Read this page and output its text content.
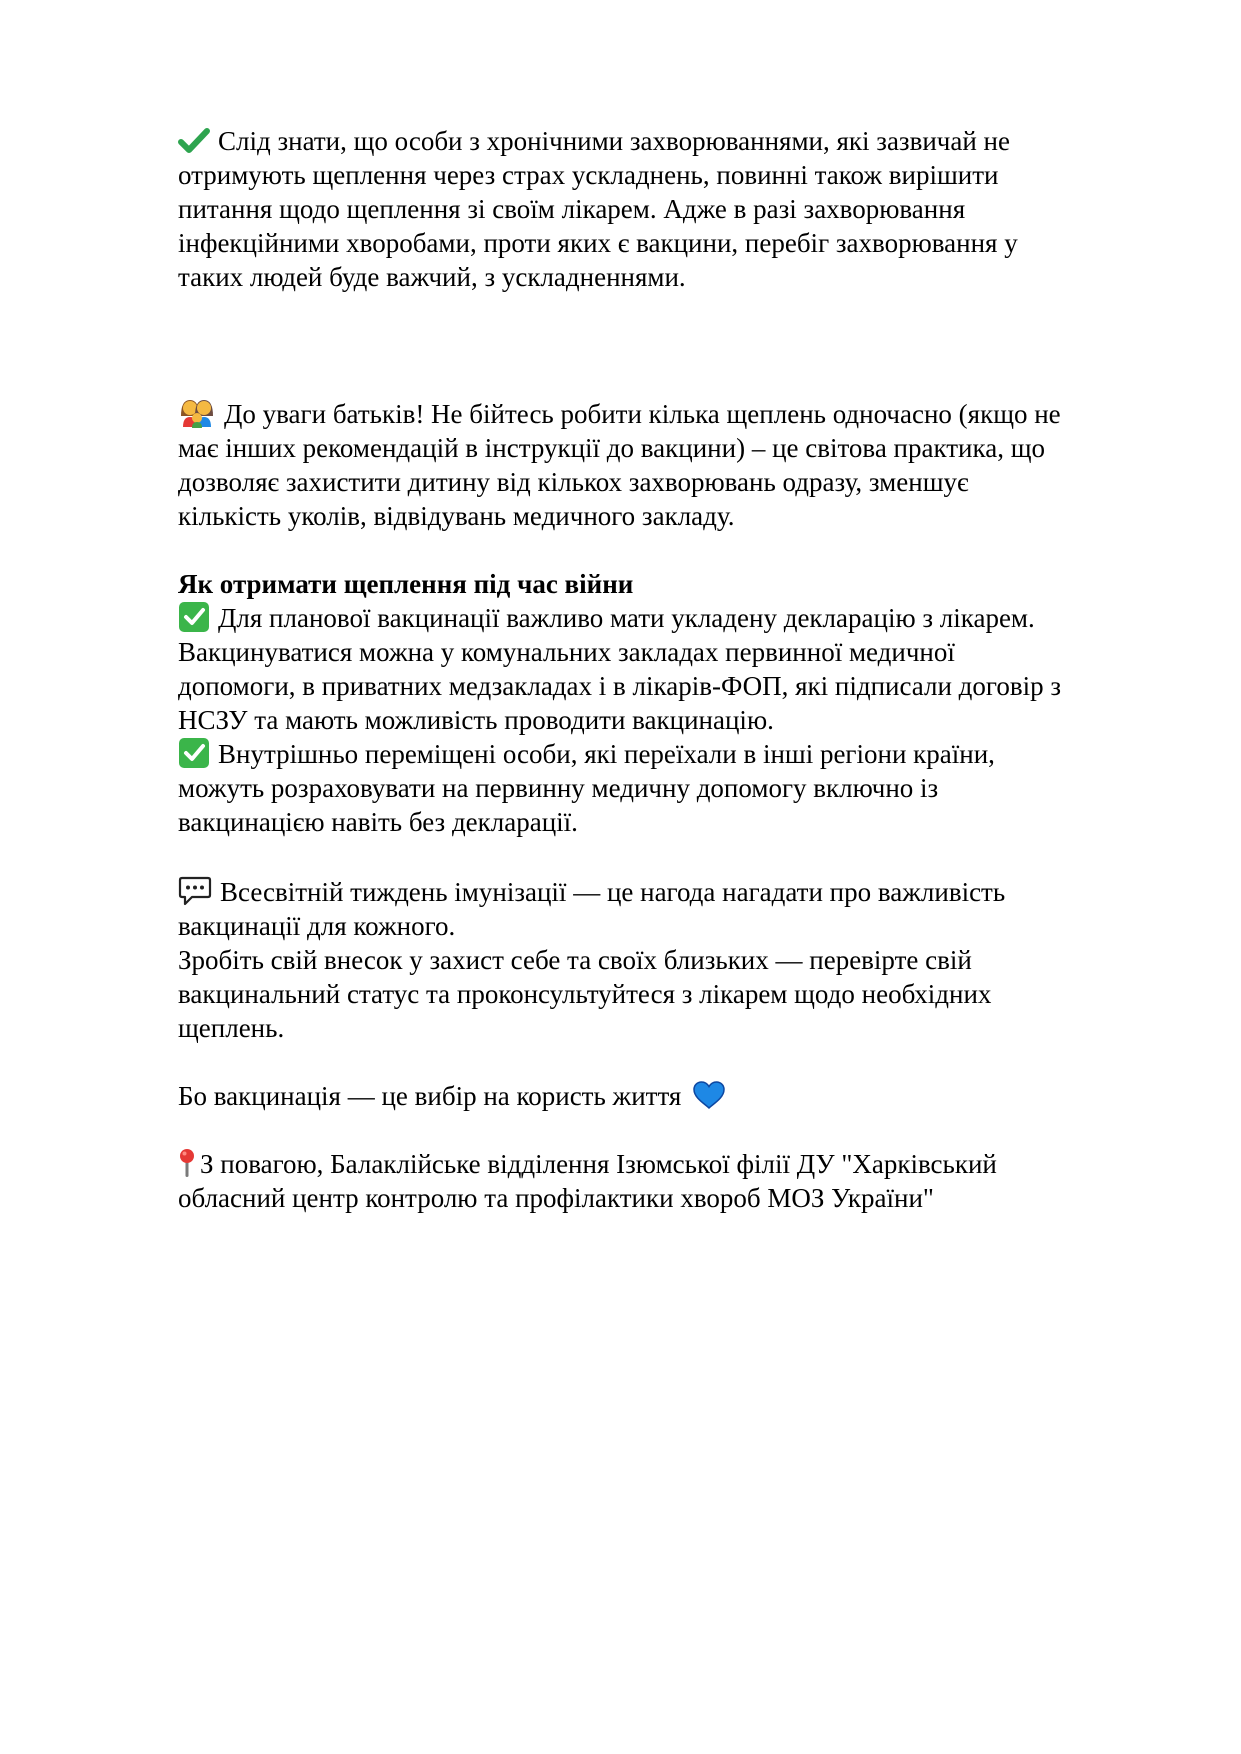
Слід знати, що особи з хронічними захворюваннями, які зазвичай не
отримують щеплення через страх ускладнень, повинні також вирішити
питання щодо щеплення зі своїм лікарем. Адже в разі захворювання
інфекційними хворобами, проти яких є вакцини, перебіг захворювання у
таких людей буде важчий, з ускладненнями.
До уваги батьків! Не бійтесь робити кілька щеплень одночасно (якщо не
має інших рекомендацій в інструкції до вакцини) – це світова практика, що
дозволяє захистити дитину від кількох захворювань одразу, зменшує
кількість уколів, відвідувань медичного закладу.
Як отримати щеплення під час війни
Для планової вакцинації важливо мати укладену декларацію з лікарем.
Вакцинуватися можна у комунальних закладах первинної медичної
допомоги, в приватних медзакладах і в лікарів-ФОП, які підписали договір з
НСЗУ та мають можливість проводити вакцинацію.
Внутрішньо переміщені особи, які переїхали в інші регіони країни,
можуть розраховувати на первинну медичну допомогу включно із
вакцинацією навіть без декларації.
Всесвітній тиждень імунізації — це нагода нагадати про важливість
вакцинації для кожного.
Зробіть свій внесок у захист себе та своїх близьких — перевірте свій
вакцинальний статус та проконсультуйтеся з лікарем щодо необхідних
щеплень.
Бо вакцинація — це вибір на користь життя
З повагою, Балаклійське відділення Ізюмської філії ДУ "Харківський
обласний центр контролю та профілактики хвороб МОЗ України"
